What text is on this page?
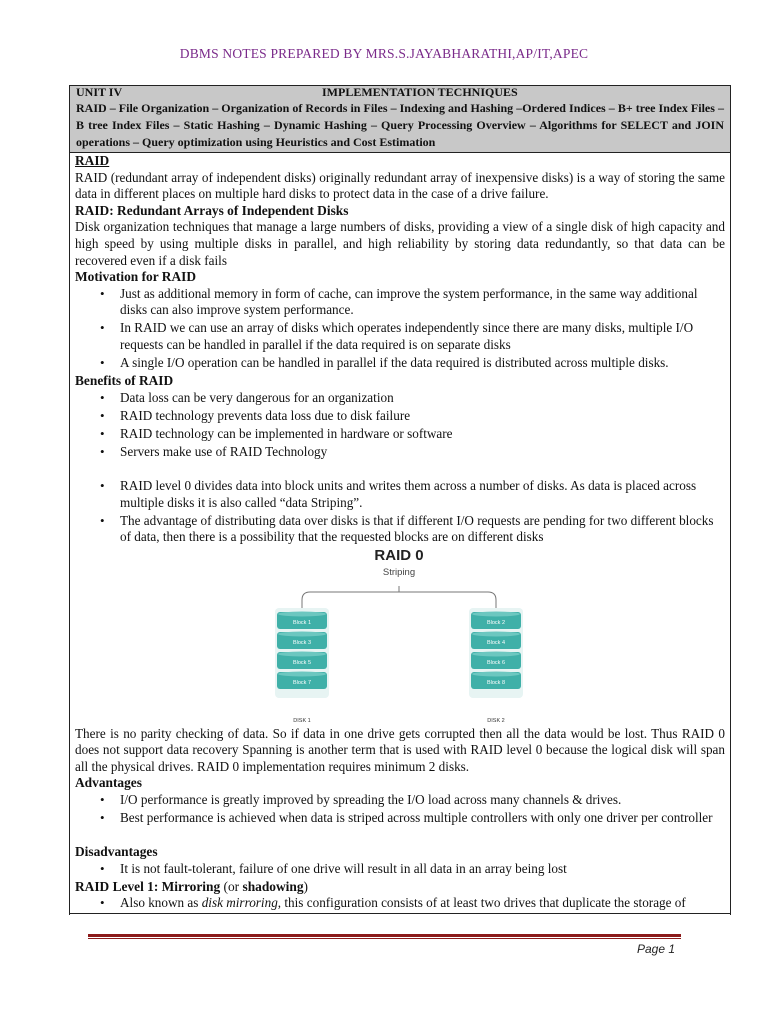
DBMS NOTES PREPARED BY MRS.S.JAYABHARATHI,AP/IT,APEC
UNIT IV	IMPLEMENTATION TECHNIQUES
RAID – File Organization – Organization of Records in Files – Indexing and Hashing –Ordered Indices – B+ tree Index Files – B tree Index Files – Static Hashing – Dynamic Hashing – Query Processing Overview – Algorithms for SELECT and JOIN operations – Query optimization using Heuristics and Cost Estimation
RAID

RAID (redundant array of independent disks) originally redundant array of inexpensive disks) is a way of storing the same data in different places on multiple hard disks to protect data in the case of a drive failure.

RAID: Redundant Arrays of Independent Disks

Disk organization techniques that manage a large numbers of disks, providing a view of a single disk of high capacity and high speed by using multiple disks in parallel, and high reliability by storing data redundantly, so that data can be recovered even if a disk fails

Motivation for RAID
• Just as additional memory in form of cache, can improve the system performance, in the same way additional disks can also improve system performance.
• In RAID we can use an array of disks which operates independently since there are many disks, multiple I/O requests can be handled in parallel if the data required is on separate disks
• A single I/O operation can be handled in parallel if the data required is distributed across multiple disks.
Benefits of RAID
• Data loss can be very dangerous for an organization
• RAID technology prevents data loss due to disk failure
• RAID technology can be implemented in hardware or software
• Servers make use of RAID Technology
• RAID level 0 divides data into block units and writes them across a number of disks. As data is placed across multiple disks it is also called “data Striping”.
• The advantage of distributing data over disks is that if different I/O requests are pending for two different blocks of data, then there is a possibility that the requested blocks are on different disks
RAID 0
Striping
Block 1
Block 3
Block 5
Block 7
Block 2
Block 4
Block 6
Block 8
DISK 1	DISK 2

There is no parity checking of data. So if data in one drive gets corrupted then all the data would be lost. Thus RAID 0 does not support data recovery Spanning is another term that is used with RAID level 0 because the logical disk will span all the physical drives. RAID 0 implementation requires minimum 2 disks.

Advantages
• I/O performance is greatly improved by spreading the I/O load across many channels & drives.
• Best performance is achieved when data is striped across multiple controllers with only one driver per controller
Disadvantages
• It is not fault-tolerant, failure of one drive will result in all data in an array being lost
RAID Level 1: Mirroring (or shadowing)
• Also known as disk mirroring, this configuration consists of at least two drives that duplicate the storage of
Page 1
